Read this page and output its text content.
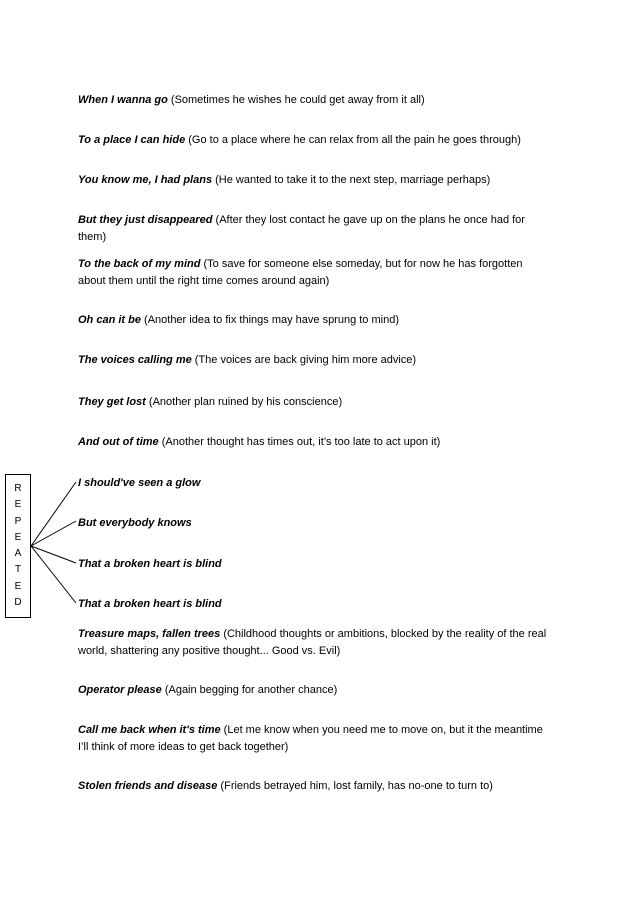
When I wanna go (Sometimes he wishes he could get away from it all)
To a place I can hide (Go to a place where he can relax from all the pain he goes through)
You know me, I had plans (He wanted to take it to the next step, marriage perhaps)
But they just disappeared (After they lost contact he gave up on the plans he once had for them)
To the back of my mind (To save for someone else someday, but for now he has forgotten about them until the right time comes around again)
Oh can it be (Another idea to fix things may have sprung to mind)
The voices calling me (The voices are back giving him more advice)
They get lost (Another plan ruined by his conscience)
And out of time (Another thought has times out, it’s too late to act upon it)
I should've seen a glow
But everybody knows
That a broken heart is blind
That a broken heart is blind
Treasure maps, fallen trees (Childhood thoughts or ambitions, blocked by the reality of the real world, shattering any positive thought... Good vs. Evil)
Operator please (Again begging for another chance)
Call me back when it's time (Let me know when you need me to move on, but it the meantime I’ll think of more ideas to get back together)
Stolen friends and disease (Friends betrayed him, lost family, has no-one to turn to)
R
E
P
E
A
T
E
D
